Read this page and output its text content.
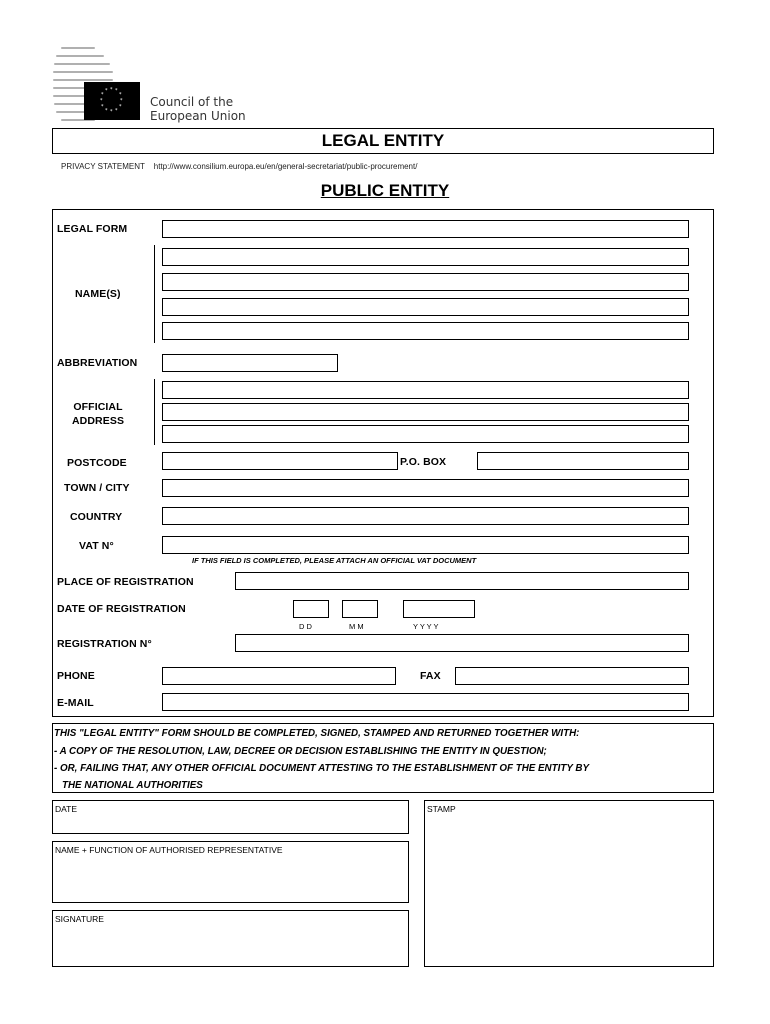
* *
*
*
*
*
*
*
*
*
*
*
Council of the
European Union
LEGAL ENTITY
PRIVACY STATEMENT http://www.consilium.europa.eu/en/general-secretariat/public-procurement/
PUBLIC ENTITY
LEGAL FORM
NAME(S)
ABBREVIATION
OFFICIAL
ADDRESS
POSTCODE	P.O. BOX
TOWN / CITY
COUNTRY
VAT N°
IF THIS FIELD IS COMPLETED, PLEASE ATTACH AN OFFICIAL VAT DOCUMENT
PLACE OF REGISTRATION
DATE OF REGISTRATION
D D	M M	Y Y Y Y
REGISTRATION N°
PHONE	FAX
E-MAIL
THIS "LEGAL ENTITY" FORM SHOULD BE COMPLETED, SIGNED, STAMPED AND RETURNED TOGETHER WITH:
- A COPY OF THE RESOLUTION, LAW, DECREE OR DECISION ESTABLISHING THE ENTITY IN QUESTION;
- OR, FAILING THAT, ANY OTHER OFFICIAL DOCUMENT ATTESTING TO THE ESTABLISHMENT OF THE ENTITY BY
THE NATIONAL AUTHORITIES
DATE	STAMP
NAME + FUNCTION OF AUTHORISED REPRESENTATIVE
SIGNATURE
